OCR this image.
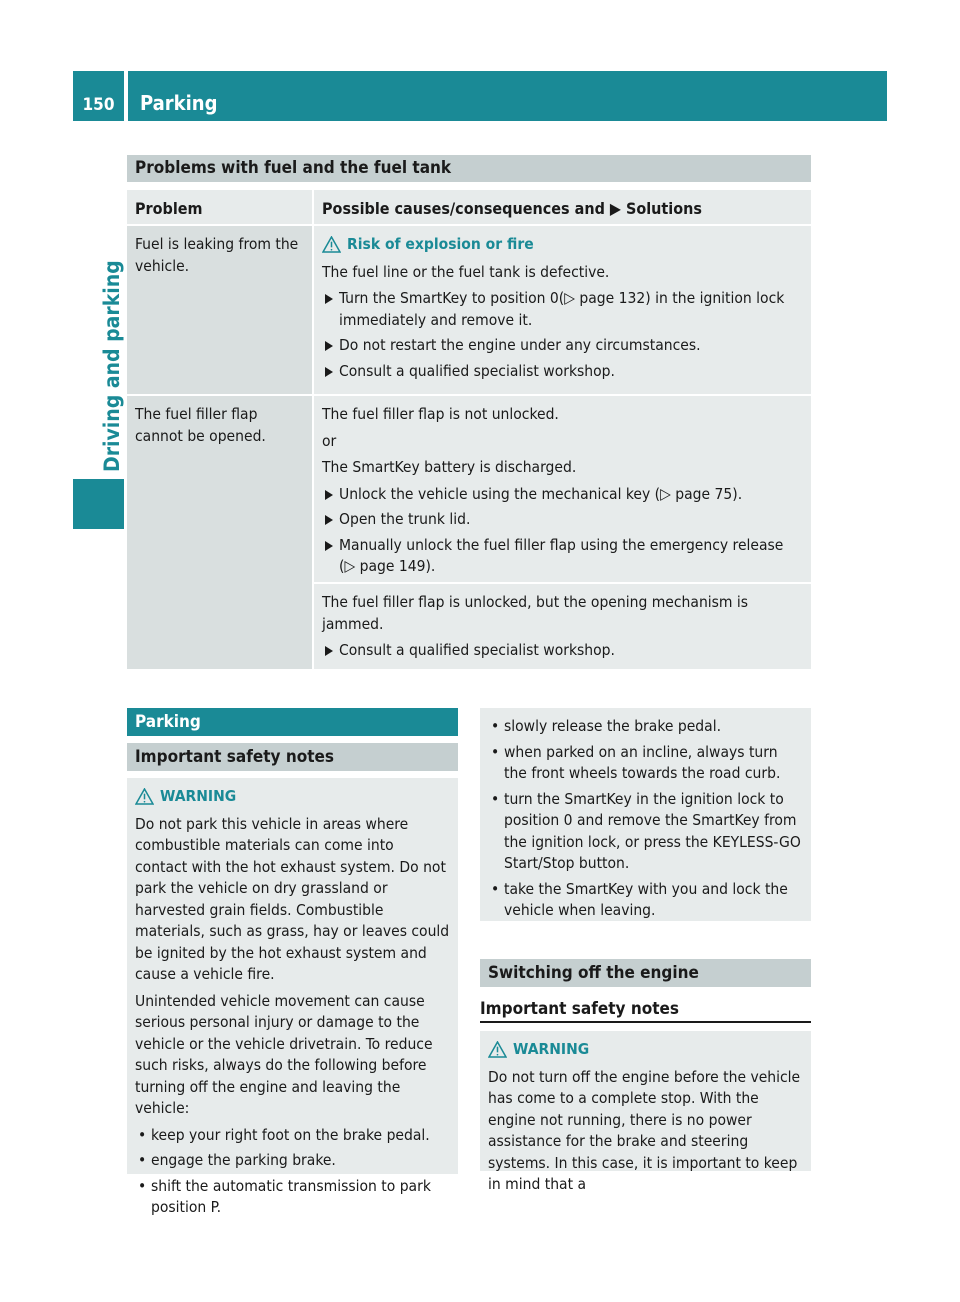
150	Parking
Driving and parking
Problems with fuel and the fuel tank
Problem	Possible causes/consequences and ▶ Solutions
Fuel is leaking from the vehicle.
Risk of explosion or fire

The fuel line or the fuel tank is defective.

Turn the SmartKey to position 0(▷ page 132) in the ignition lock immediately and remove it.
Do not restart the engine under any circumstances.
Consult a qualified specialist workshop.
The fuel filler flap cannot be opened.

The fuel filler flap is not unlocked.

or

The SmartKey battery is discharged.

Unlock the vehicle using the mechanical key (▷ page 75).
Open the trunk lid.
Manually unlock the fuel filler flap using the emergency release (▷ page 149).

The fuel filler flap is unlocked, but the opening mechanism is jammed.

Consult a qualified specialist workshop.
Parking
Important safety notes
WARNING

Do not park this vehicle in areas where combustible materials can come into contact with the hot exhaust system. Do not park the vehicle on dry grassland or harvested grain fields. Combustible materials, such as grass, hay or leaves could be ignited by the hot exhaust system and cause a vehicle fire.

Unintended vehicle movement can cause serious personal injury or damage to the vehicle or the vehicle drivetrain. To reduce such risks, always do the following before turning off the engine and leaving the vehicle:

• keep your right foot on the brake pedal.
• engage the parking brake.
• shift the automatic transmission to park position P.
• slowly release the brake pedal.
• when parked on an incline, always turn the front wheels towards the road curb.
• turn the SmartKey in the ignition lock to position 0 and remove the SmartKey from the ignition lock, or press the KEYLESS-GO Start/Stop button.
• take the SmartKey with you and lock the vehicle when leaving.
Switching off the engine
Important safety notes
WARNING

Do not turn off the engine before the vehicle has come to a complete stop. With the engine not running, there is no power assistance for the brake and steering systems. In this case, it is important to keep in mind that a
